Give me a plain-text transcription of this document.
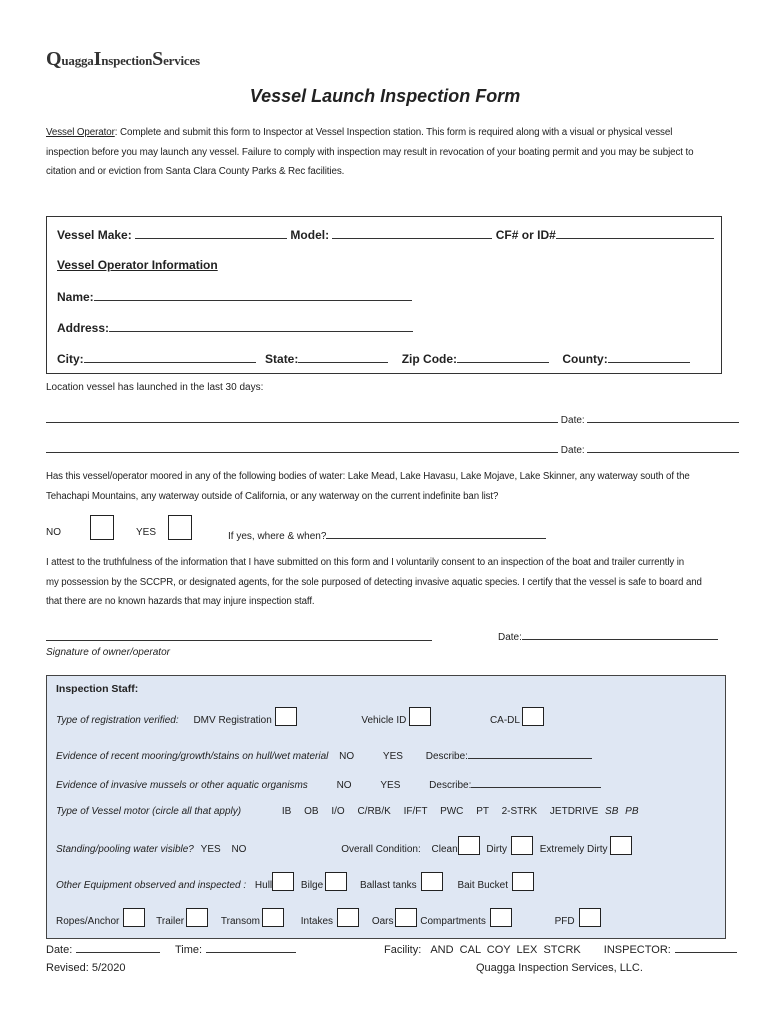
QuaggaInspectionServices
Vessel Launch Inspection Form
Vessel Operator: Complete and submit this form to Inspector at Vessel Inspection station. This form is required along with a visual or physical vessel
inspection before you may launch any vessel. Failure to comply with inspection may result in revocation of your boating permit and you may be subject to
citation and or eviction from Santa Clara County Parks & Rec facilities.
Vessel Make:	Model:	CF# or ID#
Vessel Operator Information
Name:
Address:
City:	State:	Zip Code:	County:
Location vessel has launched in the last 30 days:
Date:
Date:
Has this vessel/operator moored in any of the following bodies of water: Lake Mead, Lake Havasu, Lake Mojave, Lake Skinner, any waterway south of the
Tehachapi Mountains, any waterway outside of California, or any waterway on the current indefinite ban list?
NO	YES	If yes, where & when?
I attest to the truthfulness of the information that I have submitted on this form and I voluntarily consent to an inspection of the boat and trailer currently in
my possession by the SCCPR, or designated agents, for the sole purposed of detecting invasive aquatic species. I certify that the vessel is safe to board and
that there are no known hazards that may injure inspection staff.
Date:
Signature of owner/operator
Inspection Staff:
Type of registration verified: DMV Registration	Vehicle ID	CA-DL
Evidence of recent mooring/growth/stains on hull/wet material NO	YES Describe:
Evidence of invasive mussels or other aquatic organisms	NO	YES	Describe:
Type of Vessel motor (circle all that apply)	IB OB I/O C/RB/K IF/FT PWC PT 2-STRK JETDRIVE SB PB
Standing/pooling water visible? YES NO	Overall Condition: Clean	Dirty	Extremely Dirty
Other Equipment observed and inspected : Hull	Bilge	Ballast tanks	Bait Bucket
Ropes/Anchor	Trailer	Transom	Intakes	Oars	Compartments	PFD
Date:	Time:	Facility: AND  CAL  COY  LEX  STCRK INSPECTOR:
Revised: 5/2020	Quagga Inspection Services, LLC.
